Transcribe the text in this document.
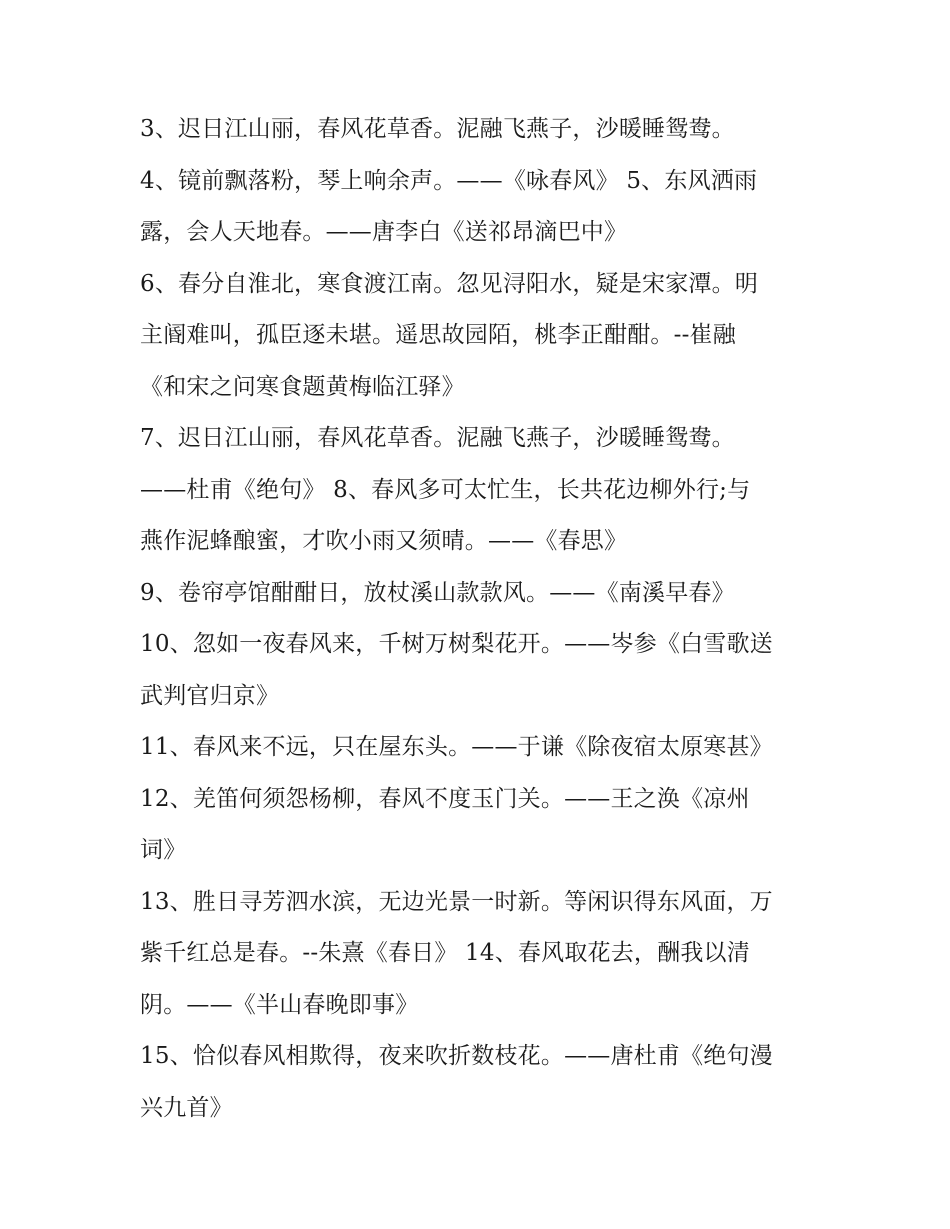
3、迟日江山丽，春风花草香。泥融飞燕子，沙暖睡鸳鸯。
4、镜前飘落粉，琴上响余声。——《咏春风》 5、东风洒雨
露，会人天地春。——唐李白《送祁昂滴巴中》
6、春分自淮北，寒食渡江南。忽见浔阳水，疑是宋家潭。明
主阍难叫，孤臣逐未堪。遥思故园陌，桃李正酣酣。--崔融
《和宋之问寒食题黄梅临江驿》
7、迟日江山丽，春风花草香。泥融飞燕子，沙暖睡鸳鸯。
——杜甫《绝句》 8、春风多可太忙生，长共花边柳外行;与
燕作泥蜂酿蜜，才吹小雨又须晴。——《春思》
9、卷帘亭馆酣酣日，放杖溪山款款风。——《南溪早春》
10、忽如一夜春风来，千树万树梨花开。——岑参《白雪歌送
武判官归京》
11、春风来不远，只在屋东头。——于谦《除夜宿太原寒甚》
12、羌笛何须怨杨柳，春风不度玉门关。——王之涣《凉州
词》
13、胜日寻芳泗水滨，无边光景一时新。等闲识得东风面，万
紫千红总是春。--朱熹《春日》 14、春风取花去，酬我以清
阴。——《半山春晚即事》
15、恰似春风相欺得，夜来吹折数枝花。——唐杜甫《绝句漫
兴九首》
